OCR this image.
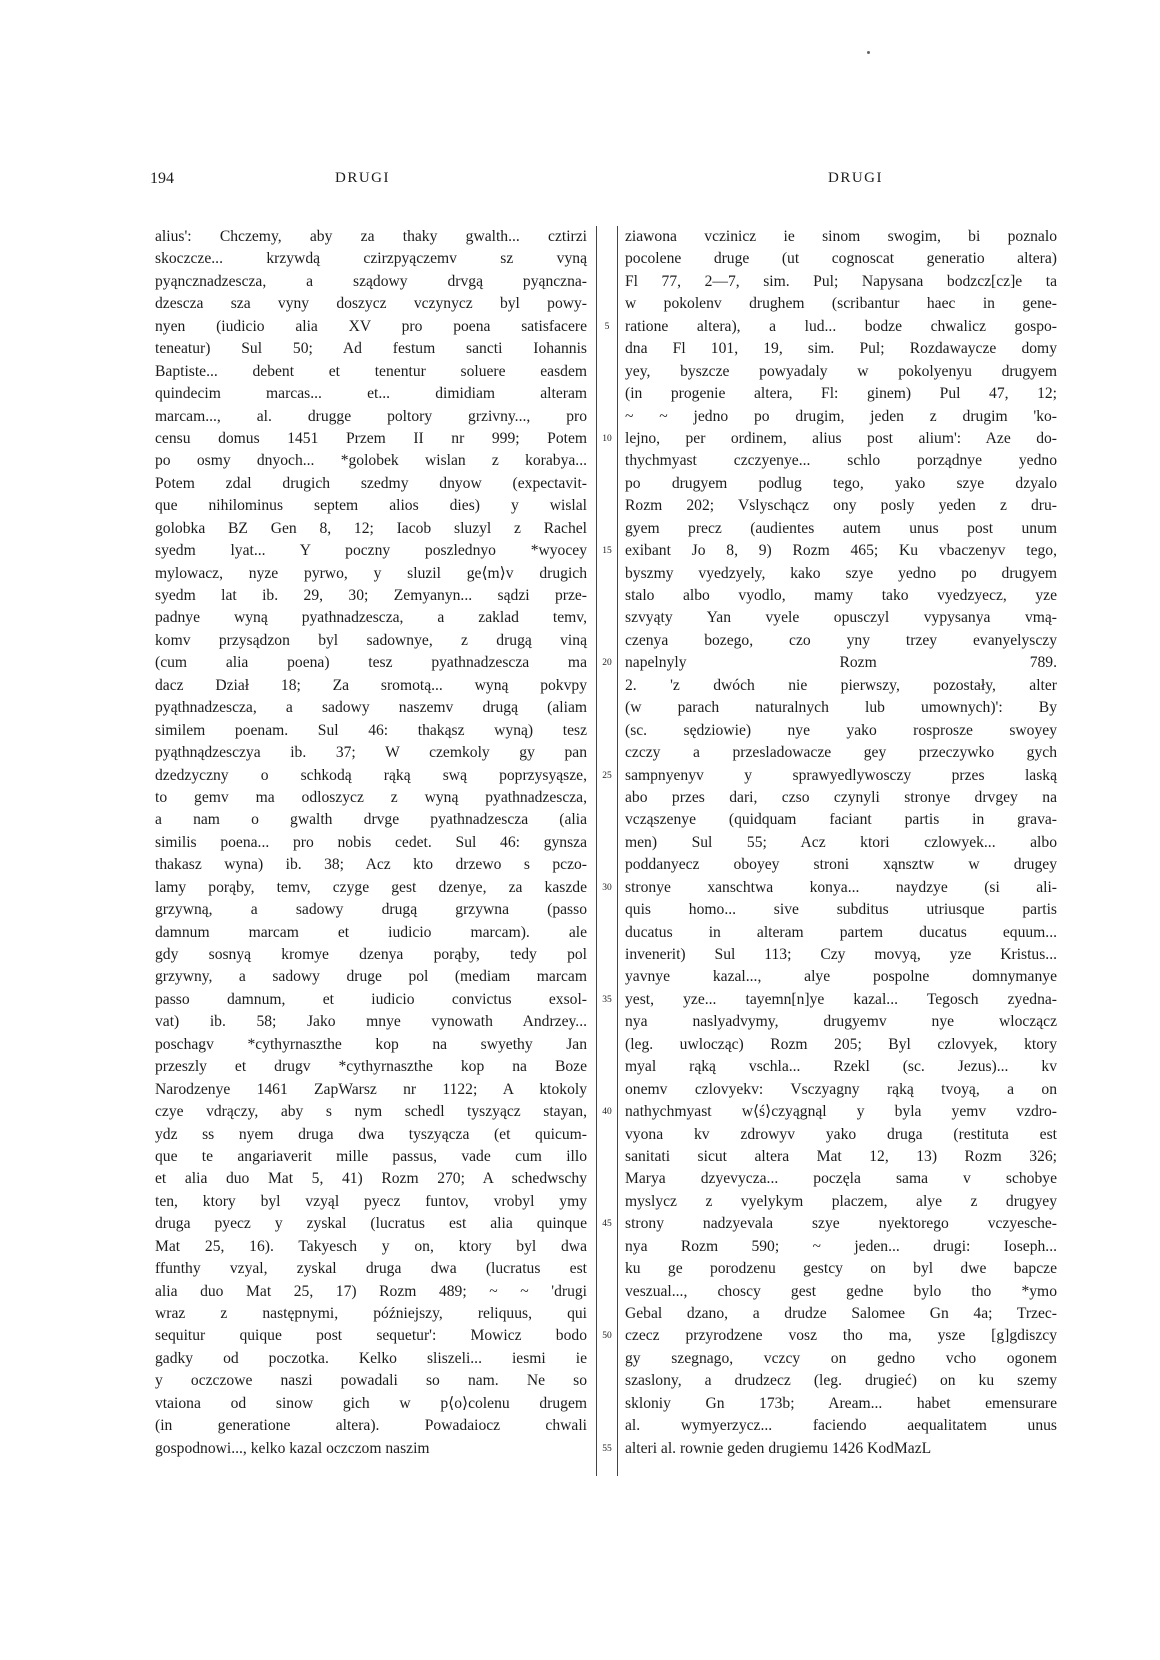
194	DRUGI	DRUGI
alius': Chczemy, aby za thaky gwalth... cztirzi
skoczcze... krzywdą czirzpyączemv sz vyną
pyąncznadzescza, a sządowy drvgą pyąncznа-
dzescza sza vyny doszycz vczynycz byl powy-
nyen (iudicio alia XV pro poena satisfacere
teneatur) Sul 50; Ad festum sancti Iohannis
Baptiste... debent et tenentur soluere easdem
quindecim marcas... et... dimidiam alteram
marcam..., al. drugge poltory grzivny..., pro
censu domus 1451 Przem II nr 999; Potem
po osmy dnyoch... *golobek wislan z korabya...
Potem zdal drugich szedmy dnyow (expectavit-
que nihilominus septem alios dies) y wislal
golobka BZ Gen 8, 12; Iacob sluzyl z Rachel
syedm lyat... Y poczny poszlednyo *wyocey
mylowacz, nyze pyrwo, y sluzil ge⟨m⟩v drugich
syedm lat ib. 29, 30; Zemyanyn... sądzi prze-
padnye wyną pyathnadzescza, a zaklad temv,
komv przysądzon byl sadownye, z drugą viną
(cum alia poena) tesz pyathnadzescza ma
dacz Dział 18; Za sromotą... wyną pokvpy
pyąthnadzescza, a sadowy naszemv drugą (aliam
similem poenam. Sul 46: thakąsz wyną) tesz
pyąthnądzesczya ib. 37; W czemkoly gy pan
dzedzyczny o schkodą rąką swą poprzysyąsze,
to gemv ma odloszycz z wyną pyathnadzescza,
a nam o gwalth drvge pyathnadzescza (alia
similis poena... pro nobis cedet. Sul 46: gynsza
thakasz wyna) ib. 38; Acz kto drzewo s pczo-
lamy porąby, temv, czyge gest dzenye, za kaszde
grzywną, a sadowy drugą grzywna (passo
damnum marcam et iudicio marcam). ale
gdy sosnyą kromye dzenya porąby, tedy pol
grzywny, a sadowy druge pol (mediam marcam
passo damnum, et iudicio convictus exsol-
vat) ib. 58; Jako mnye vynowath Andrzey...
poschagv *cythyrnaszthe kop na swyethy Jan
przeszly et drugv *cythyrnaszthe kop na Boze
Narodzenye 1461 ZapWarsz nr 1122; A ktokoly
czye vdrączy, aby s nym schedl tyszyącz stayan,
ydz ss nyem druga dwa tyszyącza (et quicum-
que te angariaverit mille passus, vade cum illo
et alia duo Mat 5, 41) Rozm 270; A schedwschy
ten, ktory byl vzyąl pyecz funtov, vrobyl ymy
druga pyecz y zyskal (lucratus est alia quinque
Mat 25, 16). Takyesch y on, ktory byl dwa
ffunthy vzyal, zyskal druga dwa (lucratus est
alia duo Mat 25, 17) Rozm 489; ~ ~ 'drugi
wraz z następnymi, późniejszy, reliquus, qui
sequitur quique post sequetur': Mowicz bodo
gadky od poczotka. Kelko sliszeli... iesmi ie
y oczczowe naszi powadali so nam. Ne so
vtaiona od sinow gich w p⟨o⟩colenu drugem
(in generatione altera). Powadaiocz chwali
gospodnowi..., kelko kazal oczczom naszim
5
10
15
20
25
30
35
40
45
50
55
ziawona vczinicz ie sinom swogim, bi poznalo
pocolene druge (ut cognoscat generatio altera)
Fl 77, 2—7, sim. Pul; Napysana bodzcz[cz]e ta
w pokolenv drughem (scribantur haec in gene-
ratione altera), a lud... bodze chwalicz gospo-
dna Fl 101, 19, sim. Pul; Rozdawaycze domy
yey, byszcze powyadaly w pokolyenyu drugyem
(in progenie altera, Fl: ginem) Pul 47, 12;
~ ~ jedno po drugim, jeden z drugim 'ko-
lejno, per ordinem, alius post alium': Aze do-
thychmyast czczyenye... schlo porządnye yedno
po drugyem podlug tego, yako szye dzyalo
Rozm 202; Vslyschącz ony posly yeden z dru-
gyem precz (audientes autem unus post unum
exibant Jo 8, 9) Rozm 465; Ku vbaczenyv tego,
byszmy vyedzyely, kako szye yedno po drugyem
stalo albo vyodlo, mamy tako vyedzyecz, yze
szvyąty Yan vyele opusczyl vypysanya vmą-
czenya bozego, czo yny trzey evanyelysczy
napelnyly Rozm 789.
2. 'z dwóch nie pierwszy, pozostały, alter
(w parach naturalnych lub umownych)': By
(sc. sędziowie) nye yako rosprosze swoyey
czczy a przesladowacze gey przeczywko gych
sampnyenyv y sprawyedlywosczy przes laską
abo przes dari, czso czynyli stronye drvgey na
vcząszenye (quidquam faciant partis in grava-
men) Sul 55; Acz ktori czlowyek... albo
poddanyecz oboyey stroni xąnsztw w drugey
stronye xanschtwa konya... naydzye (si ali-
quis homo... sive subditus utriusque partis
ducatus in alteram partem ducatus equum...
invenerit) Sul 113; Czy movyą, yze Kristus...
yavnye kazal..., alye pospolne domnymanye
yest, yze... tayemn[n]ye kazal... Tegosch zyedna-
nya naslyadvymy, drugyemv nye wloczącz
(leg. uwlocząc) Rozm 205; Byl czlovyek, ktory
myal rąką vschla... Rzekl (sc. Jezus)... kv
onemv czlovyekv: Vsczyagny rąką tvoyą, a on
nathychmyast w⟨ś⟩czyągnąl y byla yemv vzdro-
vyona kv zdrowyv yako druga (restituta est
sanitati sicut altera Mat 12, 13) Rozm 326;
Marya dzyevycza... poczęla sama v schobye
myslycz z vyelykym placzem, alye z drugyey
strony nadzyevala szye nyektorego vczyesche-
nya Rozm 590; ~ jeden... drugi: Ioseph...
ku ge porodzenu gestcy on byl dwe bapcze
veszual..., choscy gest gedne bylo tho *ymo
Gebal dzano, a drudze Salomee Gn 4a; Trzeс-
czecz przyrodzene vosz tho ma, ysze [g]gdiszcy
gy szegnago, vczcy on gedno vcho ogonem
szaslony, a drudzecz (leg. drugieć) on ku szemy
skloniy Gn 173b; Aream... habet emensurare
al. wymyerzycz... faciendo aequalitatem unus
alteri al. rownie geden drugiemu 1426 KodMazL
